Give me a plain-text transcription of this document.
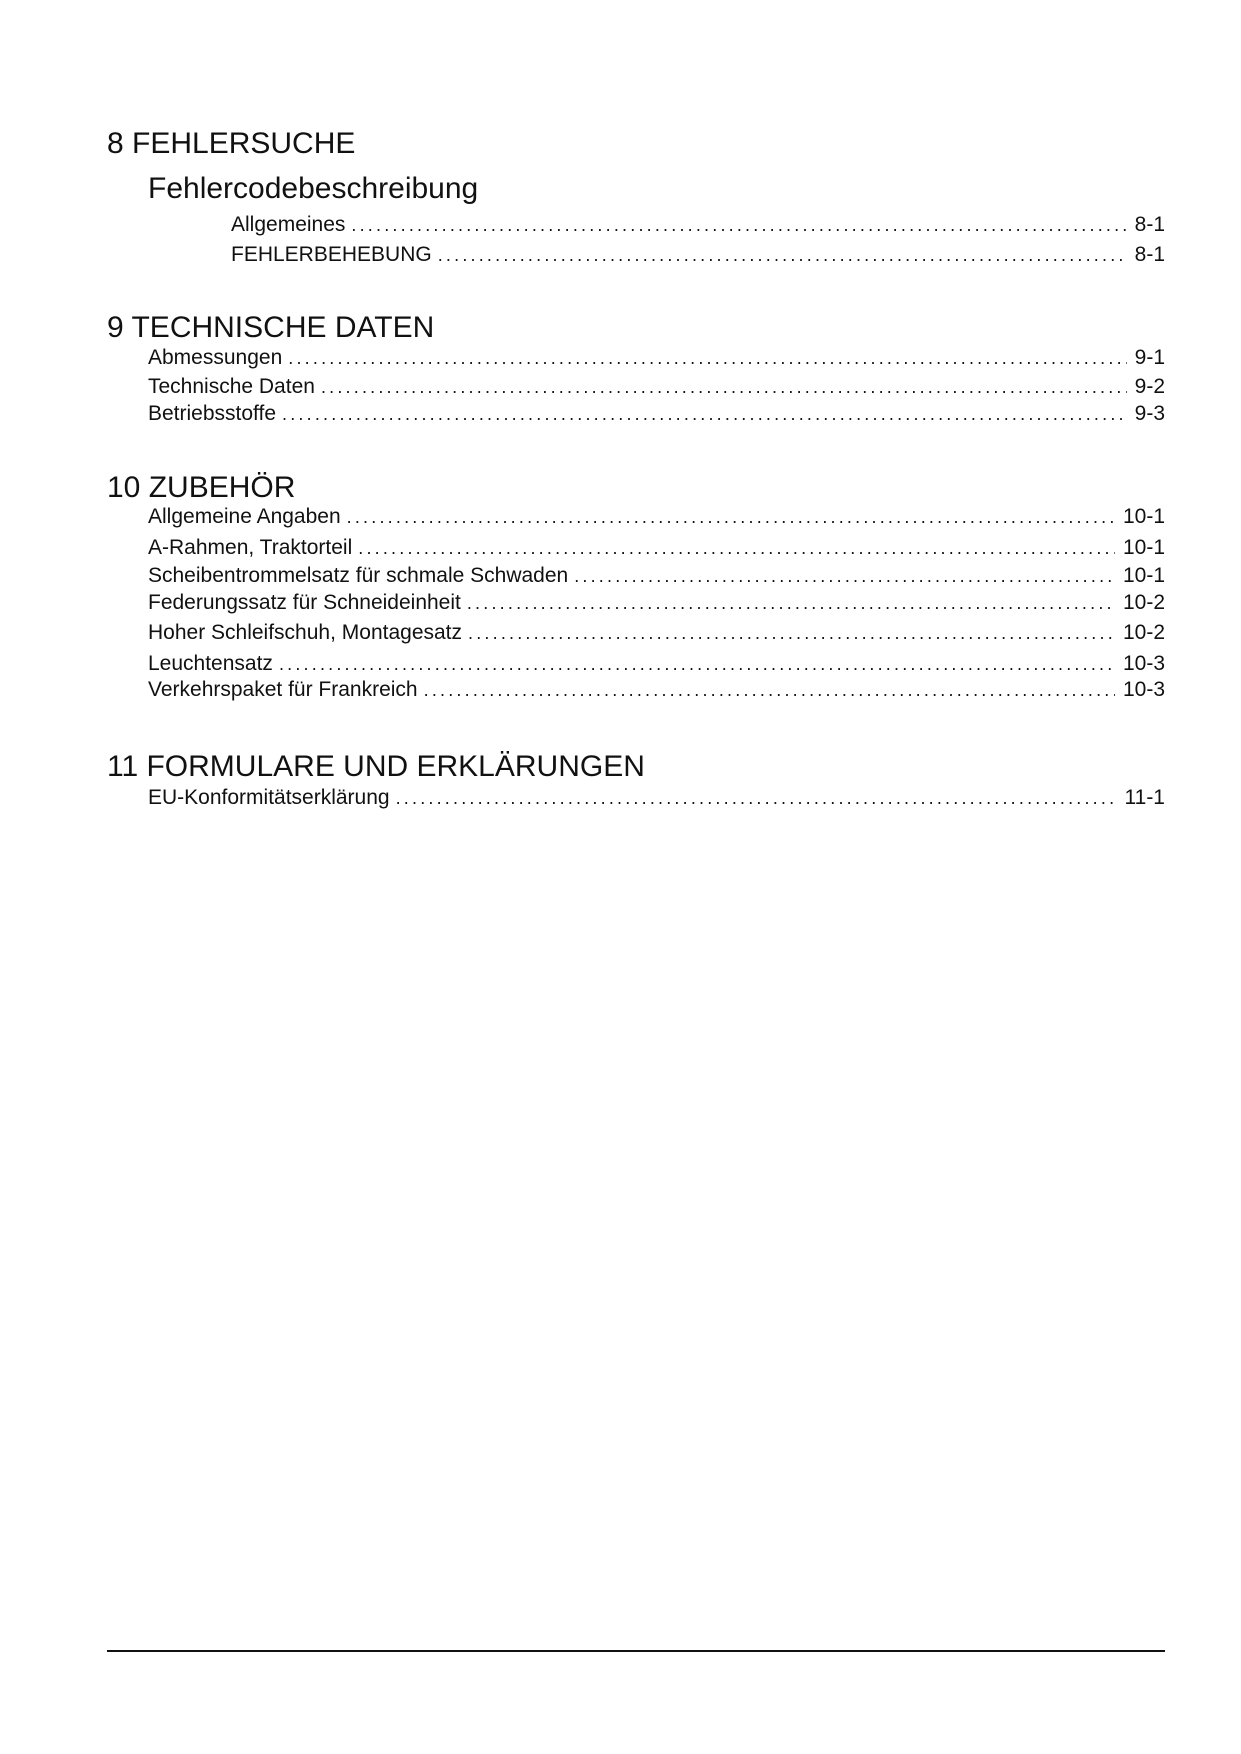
8 FEHLERSUCHE
Fehlercodebeschreibung
Allgemeines .....	8-1
FEHLERBEHEBUNG .....	8-1
9 TECHNISCHE DATEN
Abmessungen .....	9-1
Technische Daten .....	9-2
Betriebsstoffe .....	9-3
10 ZUBEHÖR
Allgemeine Angaben .....	10-1
A-Rahmen, Traktorteil .....	10-1
Scheibentrommelsatz für schmale Schwaden .....	10-1
Federungssatz für Schneideinheit .....	10-2
Hoher Schleifschuh, Montagesatz .....	10-2
Leuchtensatz .....	10-3
Verkehrspaket für Frankreich .....	10-3
11 FORMULARE UND ERKLÄRUNGEN
EU-Konformitätserklärung .....	11-1
